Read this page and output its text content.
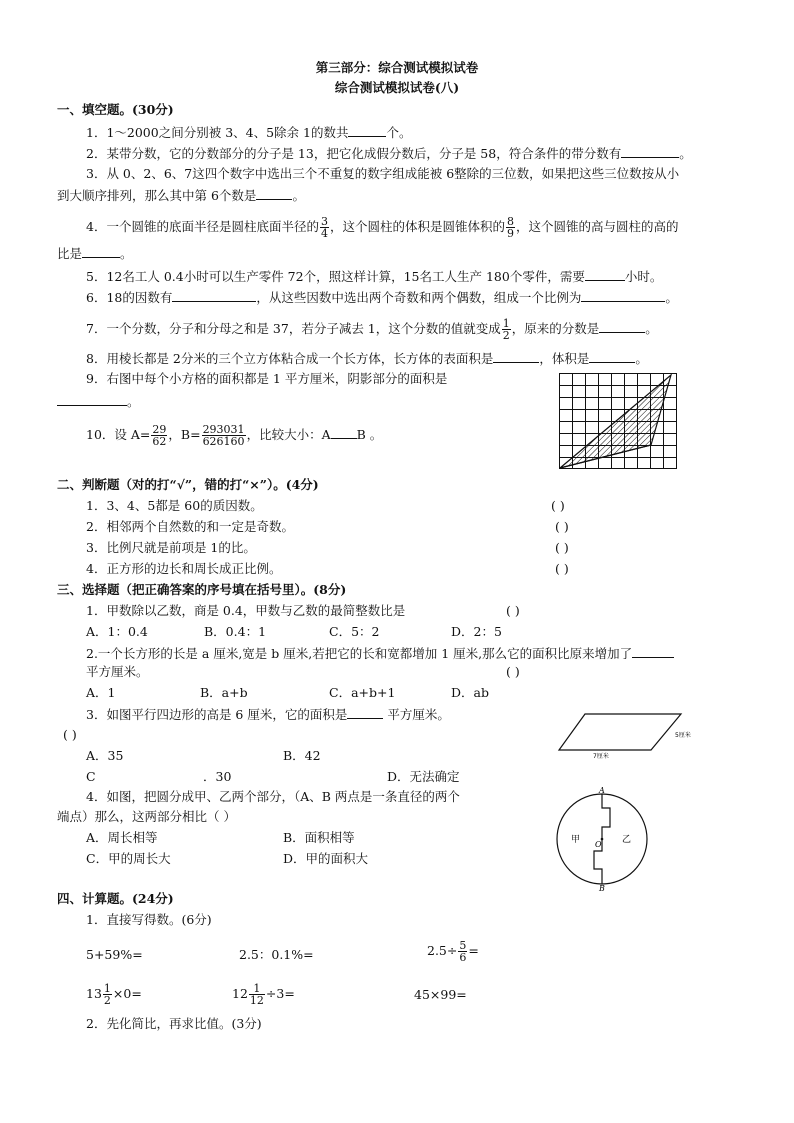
第三部分：综合测试模拟试卷
综合测试模拟试卷(八)
一、填空题。(30分)
1．1～2000之间分别被 3、4、5除余 1的数共	个。
2．某带分数，它的分数部分的分子是 13，把它化成假分数后，分子是 58，符合条件的带分数有	。
3．从 0、2、6、7这四个数字中选出三个不重复的数字组成能被 6整除的三位数，如果把这些三位数按从小
到大顺序排列，那么其中第 6个数是	。
4．一个圆锥的底面半径是圆柱底面半径的 $\frac{3}{4}$ ，这个圆柱的体积是圆锥体积的 $\frac{8}{9}$ ，这个圆锥的高与圆柱的高的
比是	。
5．12名工人 0.4小时可以生产零件 72个，照这样计算，15名工人生产 180个零件，需要	小时。
6．18的因数有	，从这些因数中选出两个奇数和两个偶数，组成一个比例为	。
7．一个分数，分子和分母之和是 37，若分子减去 1，这个分数的值就变成 $\frac{1}{2}$ ，原来的分数是	。
8．用棱长都是 2分米的三个立方体粘合成一个长方体，长方体的表面积是	，体积是	。
9．右图中每个小方格的面积都是 1 平方厘米，阴影部分的面积是
。
10．设 $A= \frac{29}{62}$ ，$B= \frac{293031}{626160}$ ，比较大小：A B 。
二、判断题（对的打“√”，错的打“×”）。(4分)
1．3、4、5都是 60的质因数。	( )
2．相邻两个自然数的和一定是奇数。	( )
3．比例尺就是前项是 1的比。	( )
4．正方形的边长和周长成正比例。	( )
三、选择题（把正确答案的序号填在括号里）。(8分)
1．甲数除以乙数，商是 0.4，甲数与乙数的最简整数比是	( )
A．1：0.4	B．0.4：1	C．5：2	D．2：5
2.一个长方形的长是 a 厘米,宽是 b 厘米,若把它的长和宽都增加 1 厘米,那么它的面积比原来增加了
平方厘米。	( )
A．1	B．a+b	C．a+b+1	D．ab
3．如图平行四边形的高是 6 厘米，它的面积是	平方厘米。
( )
A．35	B．42
C	．30	D．无法确定
5厘米
7厘米
4．如图，把圆分成甲、乙两个部分，（A、B 两点是一条直径的两个
端点）那么，这两部分相比（ ）
A．周长相等	B．面积相等
C．甲的周长大	D．甲的面积大
A
B
O
甲	乙
四、计算题。(24分)
1．直接写得数。(6分)
5+59%=	2.5：0.1%=	$2.5\div \frac{5}{6}$ =
$13 \frac{1}{2} \times 0=$	$12 \frac{1}{12} \div 3=$	45×99=
2．先化简比，再求比值。(3分)
